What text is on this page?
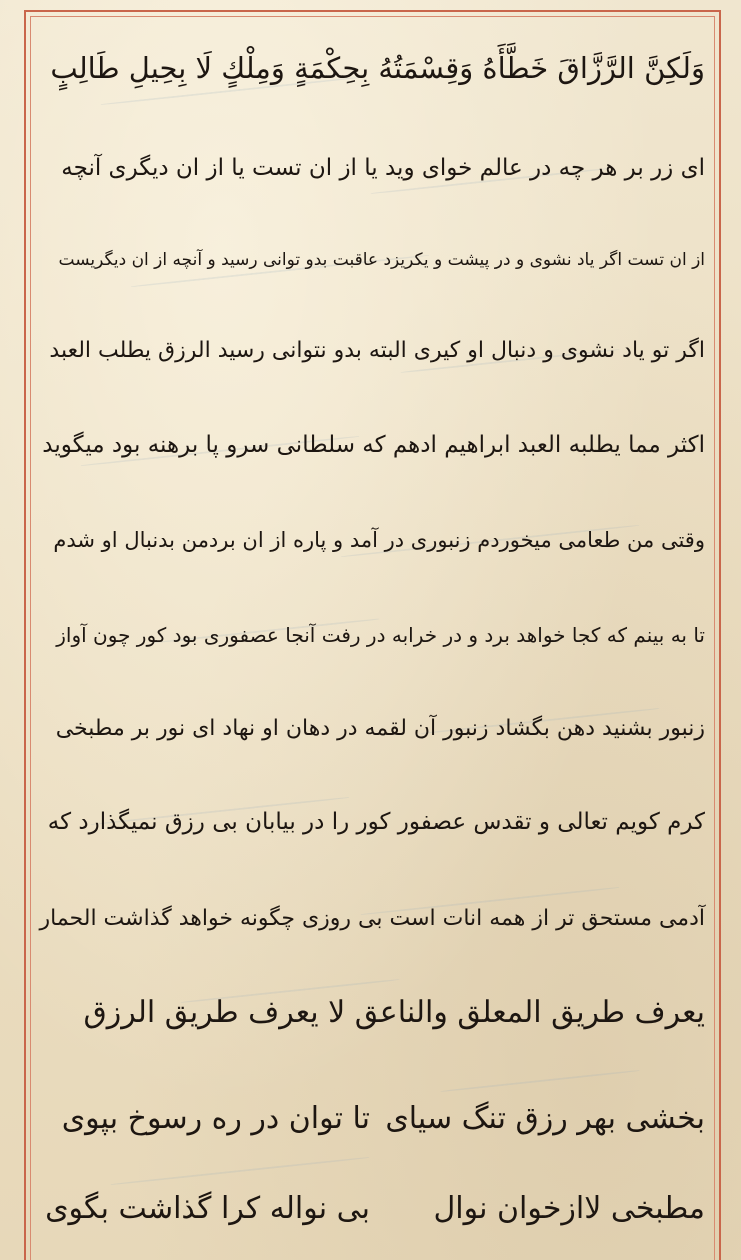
وَلَكِنَّ الرَّزَّاقَ خَطَّأَهُ وَقِسْمَتُهُ بِحِكْمَةٍ وَمِلْكٍ لَا بِحِيلِ طَالِبٍ
ای زر بر هر چه در عالم خوای وید یا از ان تست یا از ان دیگری آنچه
از ان تست اگر یاد نشوی و در پیشت و یکریزد عاقبت بدو توانی رسید و آنچه از ان دیگریست
اگر تو یاد نشوی و دنبال او کیری البته بدو نتوانی رسید الرزق یطلب العبد
اکثر مما یطلبه العبد ابراهیم ادهم که سلطانی سرو پا برهنه بود میگوید
وقتی من طعامی میخوردم زنبوری در آمد و پاره از ان بردمن بدنبال او شدم
تا به بینم که کجا خواهد برد و در خرابه در رفت آنجا عصفوری بود کور چون آواز
زنبور بشنید دهن بگشاد زنبور آن لقمه در دهان او نهاد ای نور بر مطبخی
کرم کویم تعالی و تقدس عصفور کور را در بیابان بی رزق نمیگذارد که
آدمی مستحق تر از همه انات است بی روزی چگونه خواهد گذاشت الحمار
یعرف طریق المعلق والناعق لا یعرف طریق الرزق
بخشی بهر رزق تنگ سیای
تا توان در ره رسوخ بپوی
مطبخی لاازخوان نوال
بی نواله کرا گذاشت بگوی
